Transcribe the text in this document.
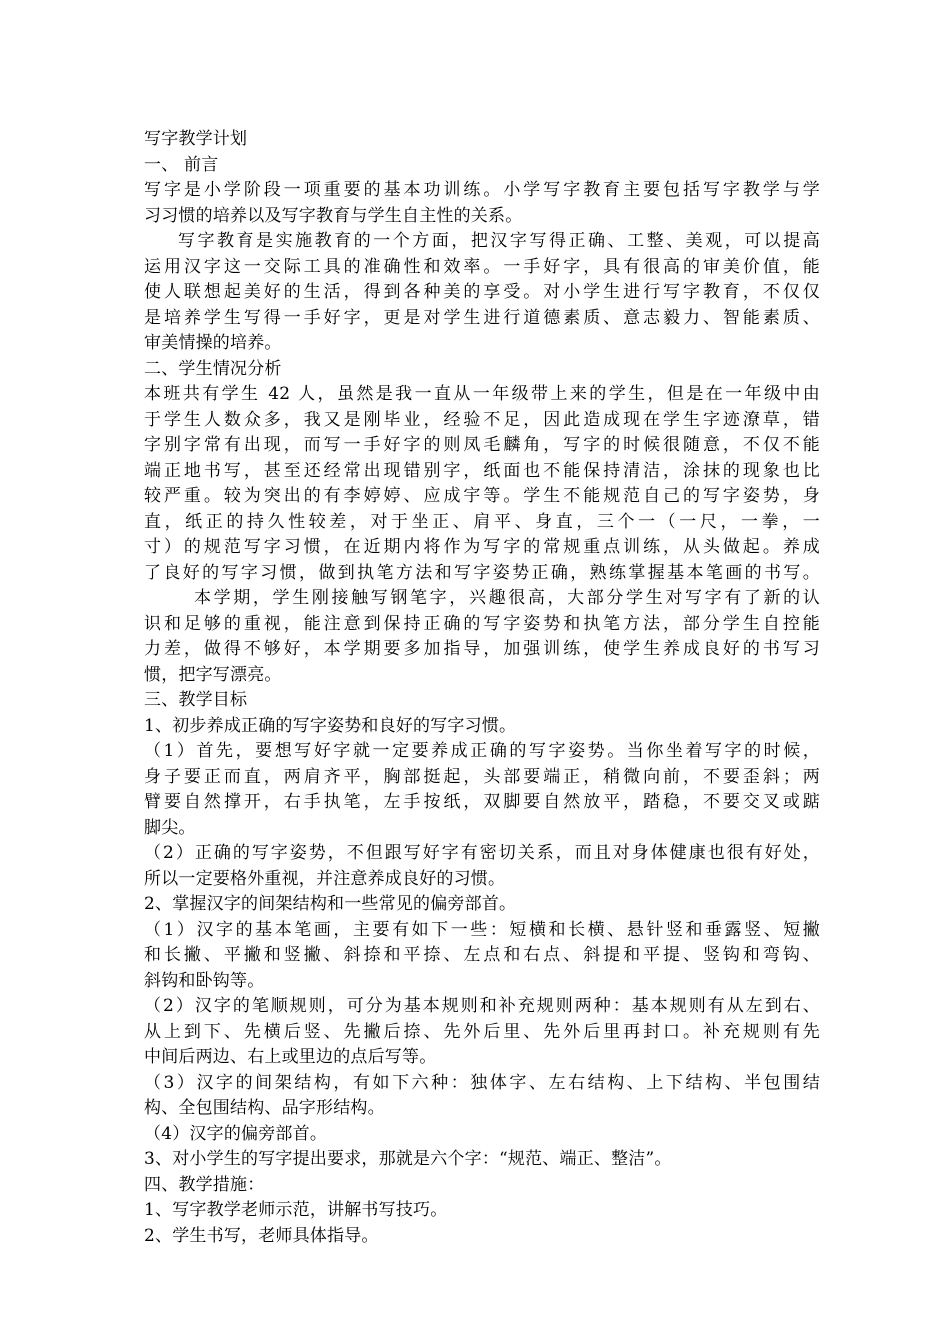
写字教学计划
一、 前言
写字是小学阶段一项重要的基本功训练。小学写字教育主要包括写字教学与学
习习惯的培养以及写字教育与学生自主性的关系。
写字教育是实施教育的一个方面，把汉字写得正确、工整、美观，可以提高
运用汉字这一交际工具的准确性和效率。一手好字，具有很高的审美价值，能
使人联想起美好的生活，得到各种美的享受。对小学生进行写字教育，不仅仅
是培养学生写得一手好字，更是对学生进行道德素质、意志毅力、智能素质、
审美情操的培养。
二、学生情况分析
本班共有学生 42 人，虽然是我一直从一年级带上来的学生，但是在一年级中由
于学生人数众多，我又是刚毕业，经验不足，因此造成现在学生字迹潦草，错
字别字常有出现，而写一手好字的则凤毛麟角，写字的时候很随意，不仅不能
端正地书写，甚至还经常出现错别字，纸面也不能保持清洁，涂抹的现象也比
较严重。较为突出的有李婷婷、应成宇等。学生不能规范自己的写字姿势，身
直，纸正的持久性较差，对于坐正、肩平、身直，三个一（一尺，一拳，一
寸）的规范写字习惯，在近期内将作为写字的常规重点训练，从头做起。养成
了良好的写字习惯，做到执笔方法和写字姿势正确，熟练掌握基本笔画的书写。
本学期，学生刚接触写钢笔字，兴趣很高，大部分学生对写字有了新的认
识和足够的重视，能注意到保持正确的写字姿势和执笔方法，部分学生自控能
力差，做得不够好，本学期要多加指导，加强训练，使学生养成良好的书写习
惯，把字写漂亮。
三、教学目标
1、初步养成正确的写字姿势和良好的写字习惯。
（1）首先，要想写好字就一定要养成正确的写字姿势。当你坐着写字的时候，
身子要正而直，两肩齐平，胸部挺起，头部要端正，稍微向前，不要歪斜；两
臂要自然撑开，右手执笔，左手按纸，双脚要自然放平，踏稳，不要交叉或踮
脚尖。
（2）正确的写字姿势，不但跟写好字有密切关系，而且对身体健康也很有好处，
所以一定要格外重视，并注意养成良好的习惯。
2、掌握汉字的间架结构和一些常见的偏旁部首。
（1）汉字的基本笔画，主要有如下一些：短横和长横、悬针竖和垂露竖、短撇
和长撇、平撇和竖撇、斜捺和平捺、左点和右点、斜提和平提、竖钩和弯钩、
斜钩和卧钩等。
（2）汉字的笔顺规则，可分为基本规则和补充规则两种：基本规则有从左到右、
从上到下、先横后竖、先撇后捺、先外后里、先外后里再封口。补充规则有先
中间后两边、右上或里边的点后写等。
（3）汉字的间架结构，有如下六种：独体字、左右结构、上下结构、半包围结
构、全包围结构、品字形结构。
（4）汉字的偏旁部首。
3、对小学生的写字提出要求，那就是六个字：“规范、端正、整洁”。
四、教学措施：
1、写字教学老师示范，讲解书写技巧。
2、学生书写，老师具体指导。
